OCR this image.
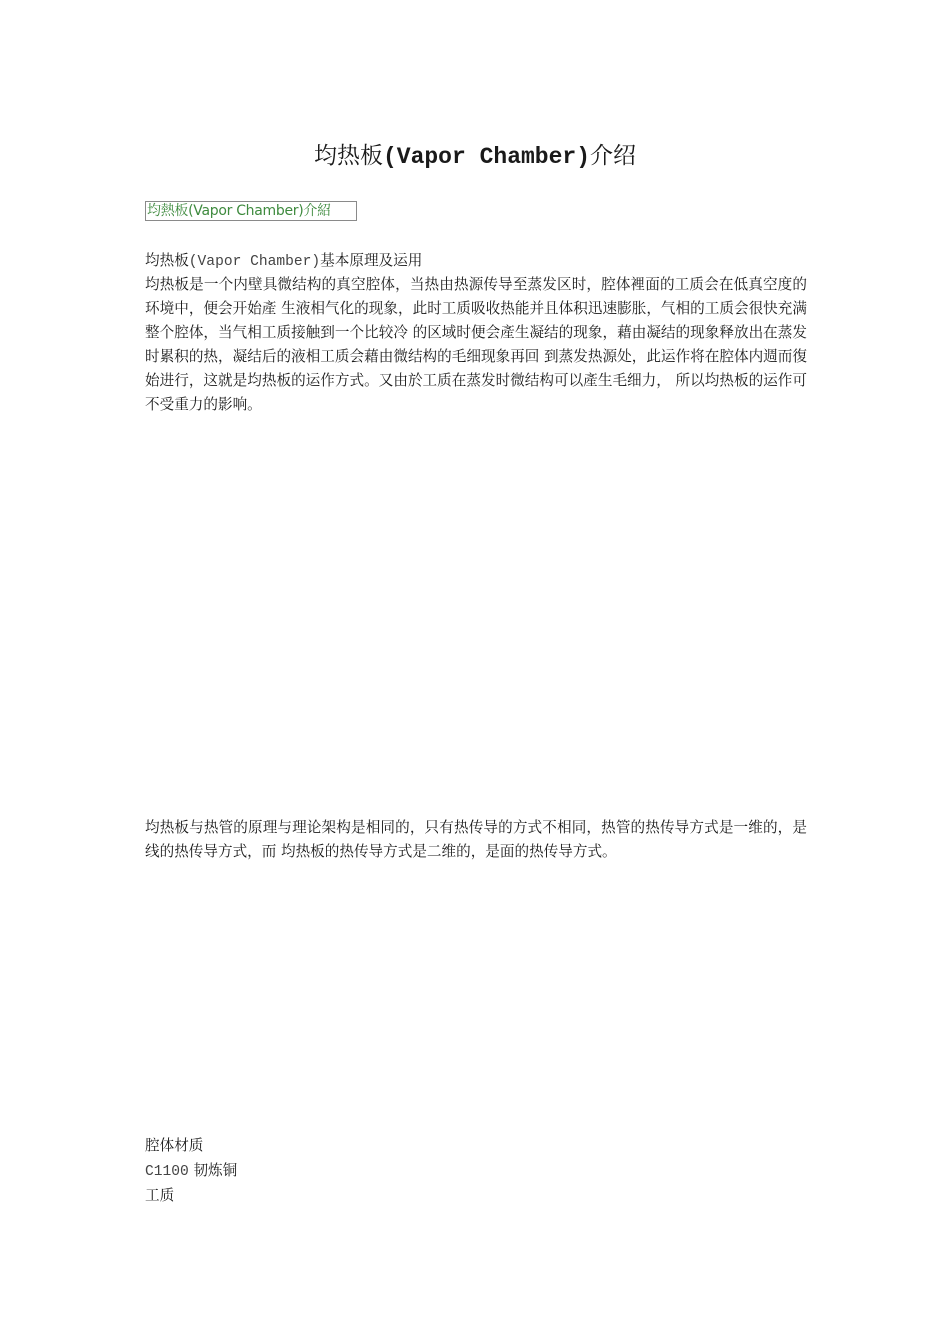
均热板(Vapor Chamber)介绍
均熱板(Vapor Chamber)介紹
均热板(Vapor Chamber)基本原理及运用
均热板是一个内壁具微结构的真空腔体，当热由热源传导至蒸发区时，腔体裡面的工质会在低真空度的环境中，便会开始產 生液相气化的现象，此时工质吸收热能并且体积迅速膨胀，气相的工质会很快充满整个腔体，当气相工质接触到一个比较冷 的区域时便会產生凝结的现象，藉由凝结的现象释放出在蒸发时累积的热，凝结后的液相工质会藉由微结构的毛细现象再回 到蒸发热源处，此运作将在腔体内週而復始进行，这就是均热板的运作方式。又由於工质在蒸发时微结构可以產生毛细力， 所以均热板的运作可不受重力的影响。
均热板与热管的原理与理论架构是相同的，只有热传导的方式不相同，热管的热传导方式是一维的，是线的热传导方式，而 均热板的热传导方式是二维的，是面的热传导方式。
腔体材质
C1100 韧炼铜
工质
